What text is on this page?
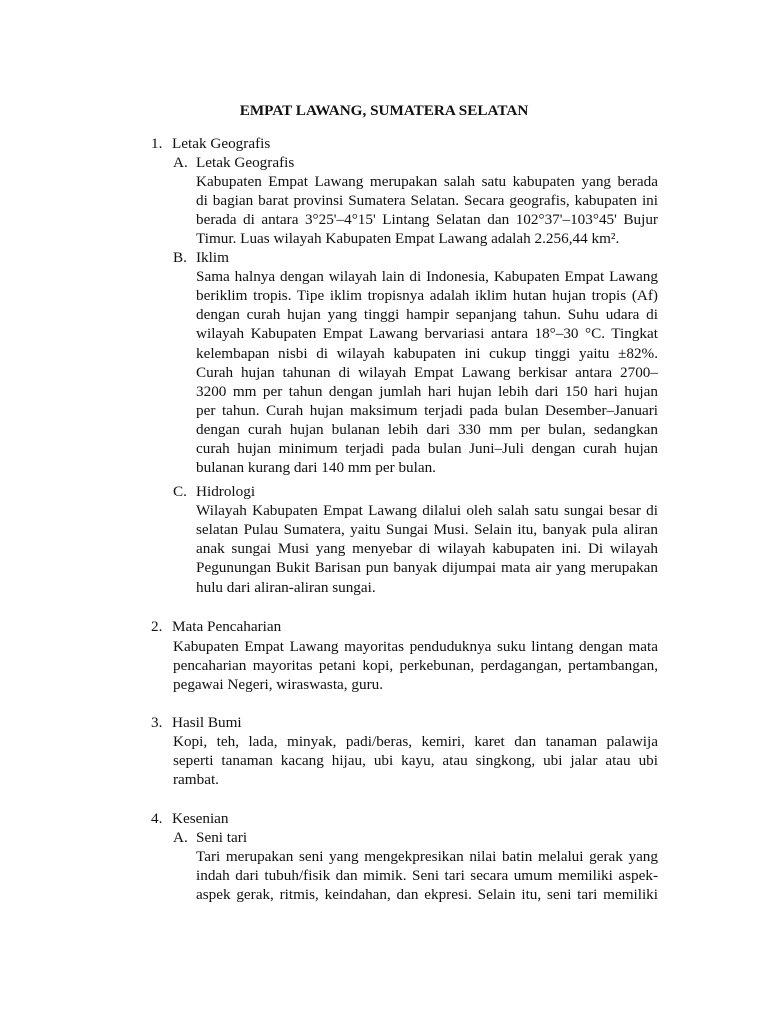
EMPAT LAWANG, SUMATERA SELATAN
1. Letak Geografis
A. Letak Geografis
Kabupaten Empat Lawang merupakan salah satu kabupaten yang berada
di bagian barat provinsi Sumatera Selatan. Secara geografis, kabupaten ini
berada di antara 3°25'–4°15' Lintang Selatan dan 102°37'–103°45' Bujur
Timur. Luas wilayah Kabupaten Empat Lawang adalah 2.256,44 km².
B. Iklim
Sama halnya dengan wilayah lain di Indonesia, Kabupaten Empat Lawang
beriklim tropis. Tipe iklim tropisnya adalah iklim hutan hujan tropis (Af)
dengan curah hujan yang tinggi hampir sepanjang tahun. Suhu udara di
wilayah Kabupaten Empat Lawang bervariasi antara 18°–30 °C. Tingkat
kelembapan nisbi di wilayah kabupaten ini cukup tinggi yaitu ±82%.
Curah hujan tahunan di wilayah Empat Lawang berkisar antara 2700–
3200 mm per tahun dengan jumlah hari hujan lebih dari 150 hari hujan
per tahun. Curah hujan maksimum terjadi pada bulan Desember–Januari
dengan curah hujan bulanan lebih dari 330 mm per bulan, sedangkan
curah hujan minimum terjadi pada bulan Juni–Juli dengan curah hujan
bulanan kurang dari 140 mm per bulan.
C. Hidrologi
Wilayah Kabupaten Empat Lawang dilalui oleh salah satu sungai besar di
selatan Pulau Sumatera, yaitu Sungai Musi. Selain itu, banyak pula aliran
anak sungai Musi yang menyebar di wilayah kabupaten ini. Di wilayah
Pegunungan Bukit Barisan pun banyak dijumpai mata air yang merupakan
hulu dari aliran-aliran sungai.
2. Mata Pencaharian
Kabupaten Empat Lawang mayoritas penduduknya suku lintang dengan mata
pencaharian mayoritas petani kopi, perkebunan, perdagangan, pertambangan,
pegawai Negeri, wiraswasta, guru.
3. Hasil Bumi
Kopi, teh, lada, minyak, padi/beras, kemiri, karet dan tanaman palawija
seperti tanaman kacang hijau, ubi kayu, atau singkong, ubi jalar atau ubi
rambat.
4. Kesenian
A. Seni tari
Tari merupakan seni yang mengekpresikan nilai batin melalui gerak yang
indah dari tubuh/fisik dan mimik. Seni tari secara umum memiliki aspek-
aspek gerak, ritmis, keindahan, dan ekpresi. Selain itu, seni tari memiliki
